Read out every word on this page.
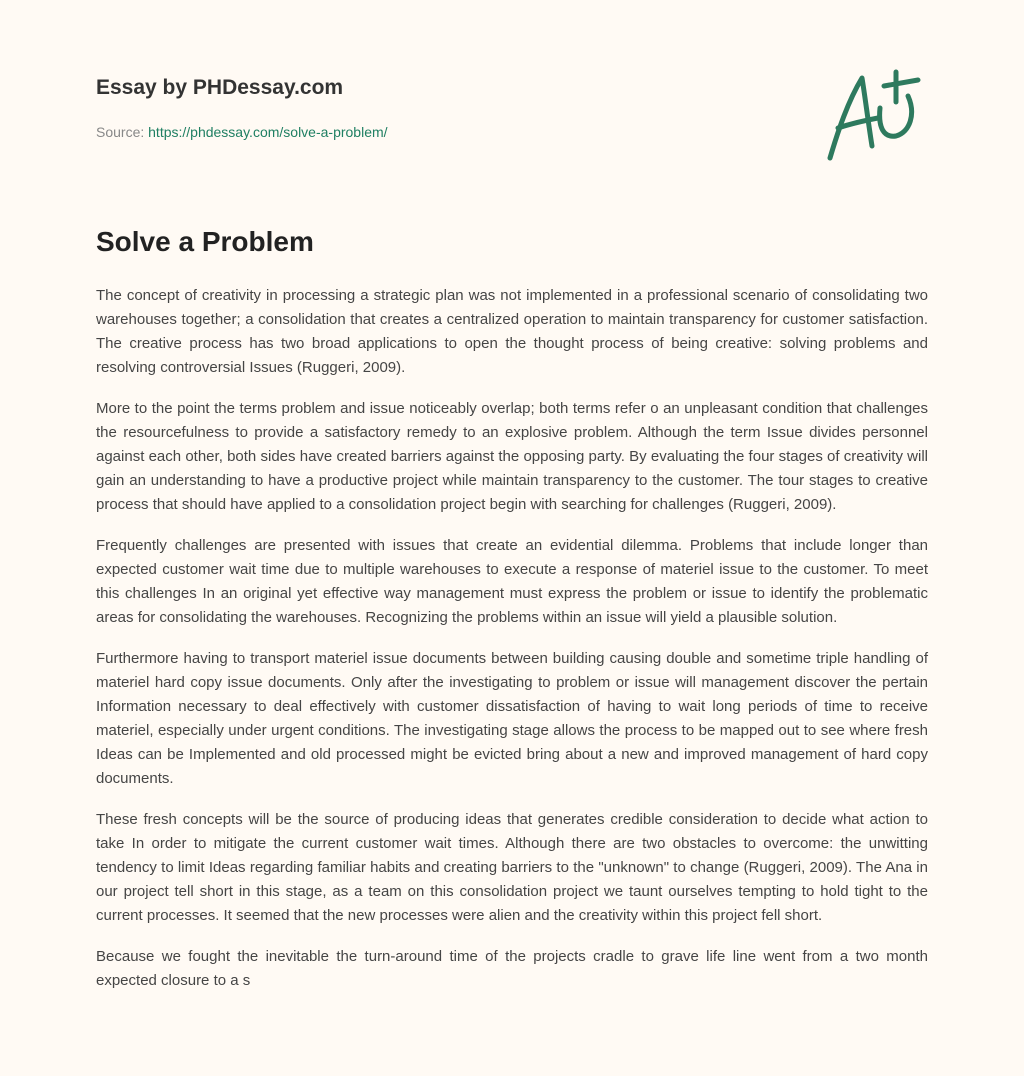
Essay by PHDessay.com
Source: https://phdessay.com/solve-a-problem/
Solve a Problem

The concept of creativity in processing a strategic plan was not implemented in a professional scenario of consolidating two warehouses together; a consolidation that creates a centralized operation to maintain transparency for customer satisfaction. The creative process has two broad applications to open the thought process of being creative: solving problems and resolving controversial Issues (Ruggeri, 2009).

More to the point the terms problem and issue noticeably overlap; both terms refer o an unpleasant condition that challenges the resourcefulness to provide a satisfactory remedy to an explosive problem. Although the term Issue divides personnel against each other, both sides have created barriers against the opposing party. By evaluating the four stages of creativity will gain an understanding to have a productive project while maintain transparency to the customer. The tour stages to creative process that should have applied to a consolidation project begin with searching for challenges (Ruggeri, 2009).

Frequently challenges are presented with issues that create an evidential dilemma. Problems that include longer than expected customer wait time due to multiple warehouses to execute a response of materiel issue to the customer. To meet this challenges In an original yet effective way management must express the problem or issue to identify the problematic areas for consolidating the warehouses. Recognizing the problems within an issue will yield a plausible solution.

Furthermore having to transport materiel issue documents between building causing double and sometime triple handling of materiel hard copy issue documents. Only after the investigating to problem or issue will management discover the pertain Information necessary to deal effectively with customer dissatisfaction of having to wait long periods of time to receive materiel, especially under urgent conditions. The investigating stage allows the process to be mapped out to see where fresh Ideas can be Implemented and old processed might be evicted bring about a new and improved management of hard copy documents.

These fresh concepts will be the source of producing ideas that generates credible consideration to decide what action to take In order to mitigate the current customer wait times. Although there are two obstacles to overcome: the unwitting tendency to limit Ideas regarding familiar habits and creating barriers to the "unknown" to change (Ruggeri, 2009). The Ana in our project tell short in this stage, as a team on this consolidation project we taunt ourselves tempting to hold tight to the current processes. It seemed that the new processes were alien and the creativity within this project fell short.

Because we fought the inevitable the turn-around time of the projects cradle to grave life line went from a two month expected closure to a s
